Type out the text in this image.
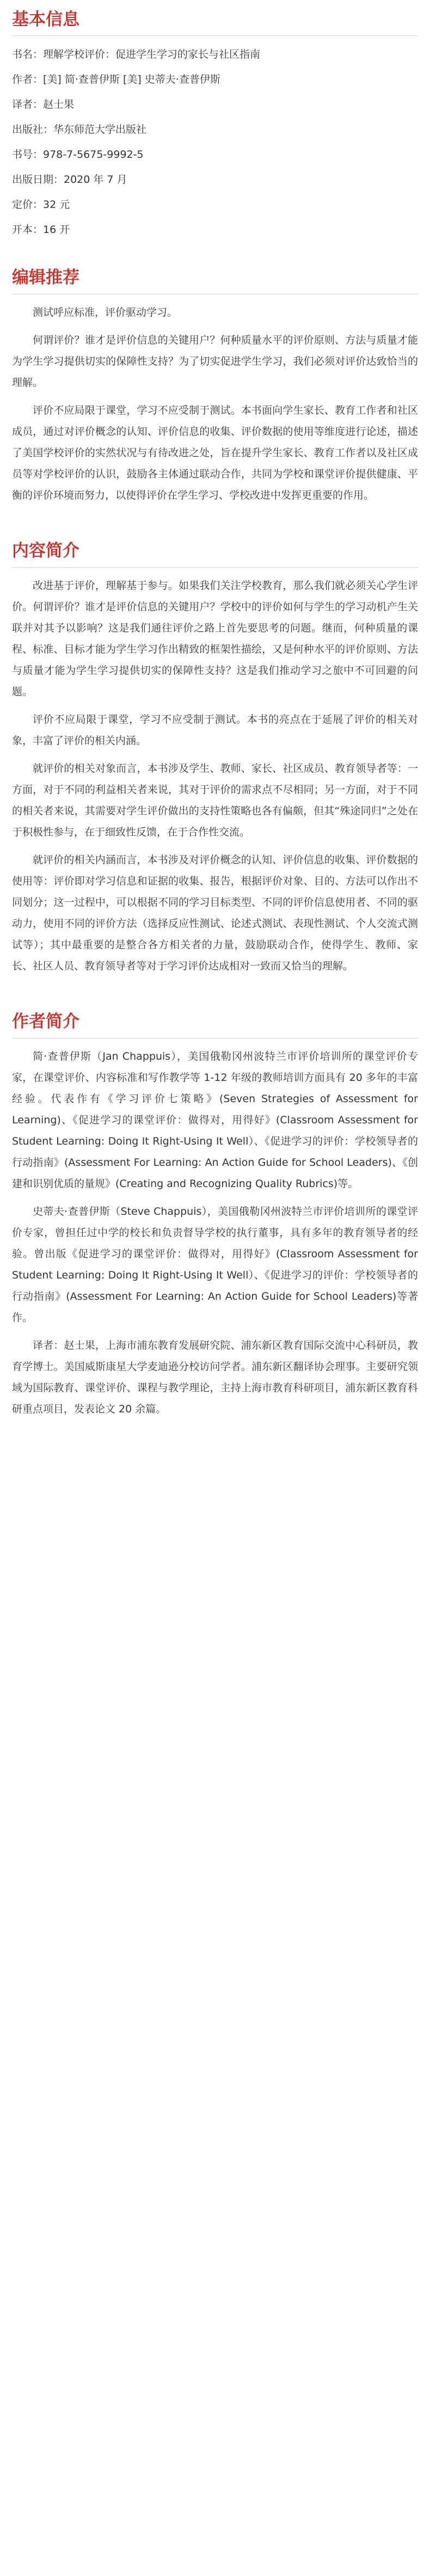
基本信息

书名：理解学校评价：促进学生学习的家长与社区指南

作者：[美] 简·查普伊斯 [美] 史蒂夫·查普伊斯

译者：赵士果

出版社：华东师范大学出版社

书号：978-7-5675-9992-5

出版日期：2020 年 7 月

定价：32 元

开本：16 开

编辑推荐

测试呼应标准，评价驱动学习。

何谓评价？谁才是评价信息的关键用户？何种质量水平的评价原则、方法与质量才能为学生学习提供切实的保障性支持？为了切实促进学生学习，我们必须对评价达致恰当的理解。

评价不应局限于课堂，学习不应受制于测试。本书面向学生家长、教育工作者和社区成员，通过对评价概念的认知、评价信息的收集、评价数据的使用等维度进行论述，描述了美国学校评价的实然状况与有待改进之处，旨在提升学生家长、教育工作者以及社区成员等对学校评价的认识，鼓励各主体通过联动合作，共同为学校和课堂评价提供健康、平衡的评价环境而努力，以使得评价在学生学习、学校改进中发挥更重要的作用。

内容简介

改进基于评价，理解基于参与。如果我们关注学校教育，那么我们就必须关心学生评价。何谓评价？谁才是评价信息的关键用户？学校中的评价如何与学生的学习动机产生关联并对其予以影响？这是我们通往评价之路上首先要思考的问题。继而，何种质量的课程、标准、目标才能为学生学习作出精致的框架性描绘，又是何种水平的评价原则、方法与质量才能为学生学习提供切实的保障性支持？这是我们推动学习之旅中不可回避的问题。

评价不应局限于课堂，学习不应受制于测试。本书的亮点在于延展了评价的相关对象，丰富了评价的相关内涵。

就评价的相关对象而言，本书涉及学生、教师、家长、社区成员、教育领导者等：一方面，对于不同的利益相关者来说，其对于评价的需求点不尽相同；另一方面，对于不同的相关者来说，其需要对学生评价做出的支持性策略也各有偏颇，但其“殊途同归”之处在于积极性参与，在于细致性反馈，在于合作性交流。

就评价的相关内涵而言，本书涉及对评价概念的认知、评价信息的收集、评价数据的使用等：评价即对学习信息和证据的收集、报告，根据评价对象、目的、方法可以作出不同划分；这一过程中，可以根据不同的学习目标类型、不同的评价信息使用者、不同的驱动力，使用不同的评价方法（选择反应性测试、论述式测试、表现性测试、个人交流式测试等）；其中最重要的是整合各方相关者的力量，鼓励联动合作，使得学生、教师、家长、社区人员、教育领导者等对于学习评价达成相对一致而又恰当的理解。

作者简介

简·查普伊斯（Jan Chappuis），美国俄勒冈州波特兰市评价培训所的课堂评价专家，在课堂评价、内容标准和写作教学等 1-12 年级的教师培训方面具有 20 多年的丰富经验。代表作有《学习评价七策略》(Seven Strategies of Assessment for Learning)、《促进学习的课堂评价：做得对，用得好》(Classroom Assessment for Student Learning: Doing It Right-Using It Well）、《促进学习的评价：学校领导者的行动指南》(Assessment For Learning: An Action Guide for School Leaders)、《创建和识别优质的量规》(Creating and Recognizing Quality Rubrics)等。

史蒂夫·查普伊斯（Steve Chappuis），美国俄勒冈州波特兰市评价培训所的课堂评价专家，曾担任过中学的校长和负责督导学校的执行董事，具有多年的教育领导者的经验。曾出版《促进学习的课堂评价：做得对，用得好》(Classroom Assessment for Student Learning: Doing It Right-Using It Well）、《促进学习的评价：学校领导者的行动指南》(Assessment For Learning: An Action Guide for School Leaders)等著作。

译者：赵士果，上海市浦东教育发展研究院、浦东新区教育国际交流中心科研员，教育学博士。美国威斯康星大学麦迪逊分校访问学者。浦东新区翻译协会理事。主要研究领域为国际教育、课堂评价、课程与教学理论，主持上海市教育科研项目，浦东新区教育科研重点项目，发表论文 20 余篇。
